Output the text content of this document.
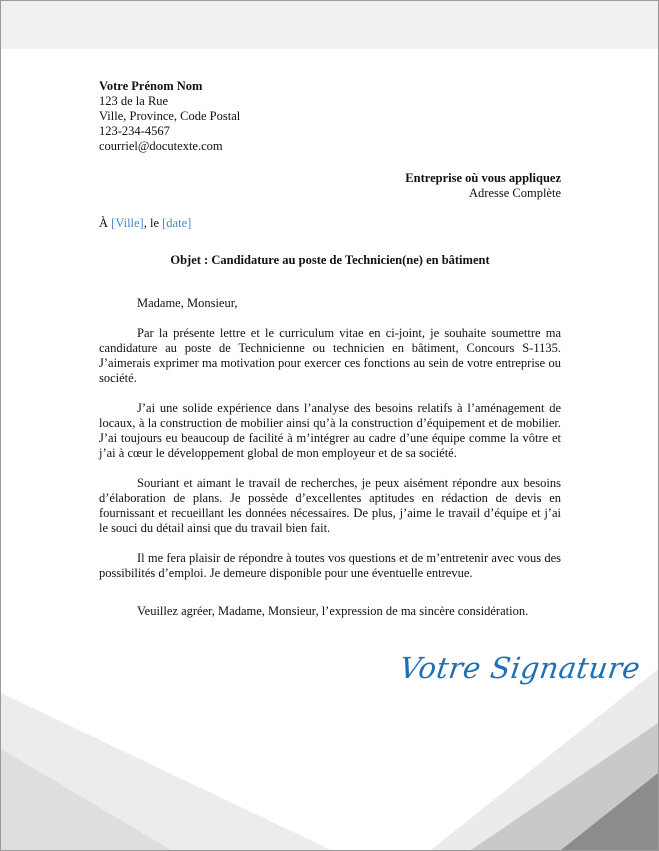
Votre Prénom Nom

123 de la Rue

Ville, Province, Code Postal

123-234-4567

courriel@docutexte.com

Entreprise où vous appliquez

Adresse Complète

À [Ville], le [date]
Objet : Candidature au poste de Technicien(ne) en bâtiment
Madame, Monsieur,

Par la présente lettre et le curriculum vitae en ci-joint, je souhaite soumettre ma candidature au poste de Technicienne ou technicien en bâtiment, Concours S-1135. J’aimerais exprimer ma motivation pour exercer ces fonctions au sein de votre entreprise ou société.

J’ai une solide expérience dans l’analyse des besoins relatifs à l’aménagement de locaux, à la construction de mobilier ainsi qu’à la construction d’équipement et de mobilier. J’ai toujours eu beaucoup de facilité à m’intégrer au cadre d’une équipe comme la vôtre et j’ai à cœur le développement global de mon employeur et de sa société.

Souriant et aimant le travail de recherches, je peux aisément répondre aux besoins d’élaboration de plans. Je possède d’excellentes aptitudes en rédaction de devis en fournissant et recueillant les données nécessaires. De plus, j’aime le travail d’équipe et j’ai le souci du détail ainsi que du travail bien fait.

Il me fera plaisir de répondre à toutes vos questions et de m’entretenir avec vous des possibilités d’emploi. Je demeure disponible pour une éventuelle entrevue.

Veuillez agréer, Madame, Monsieur, l’expression de ma sincère considération.
Votre Signature
